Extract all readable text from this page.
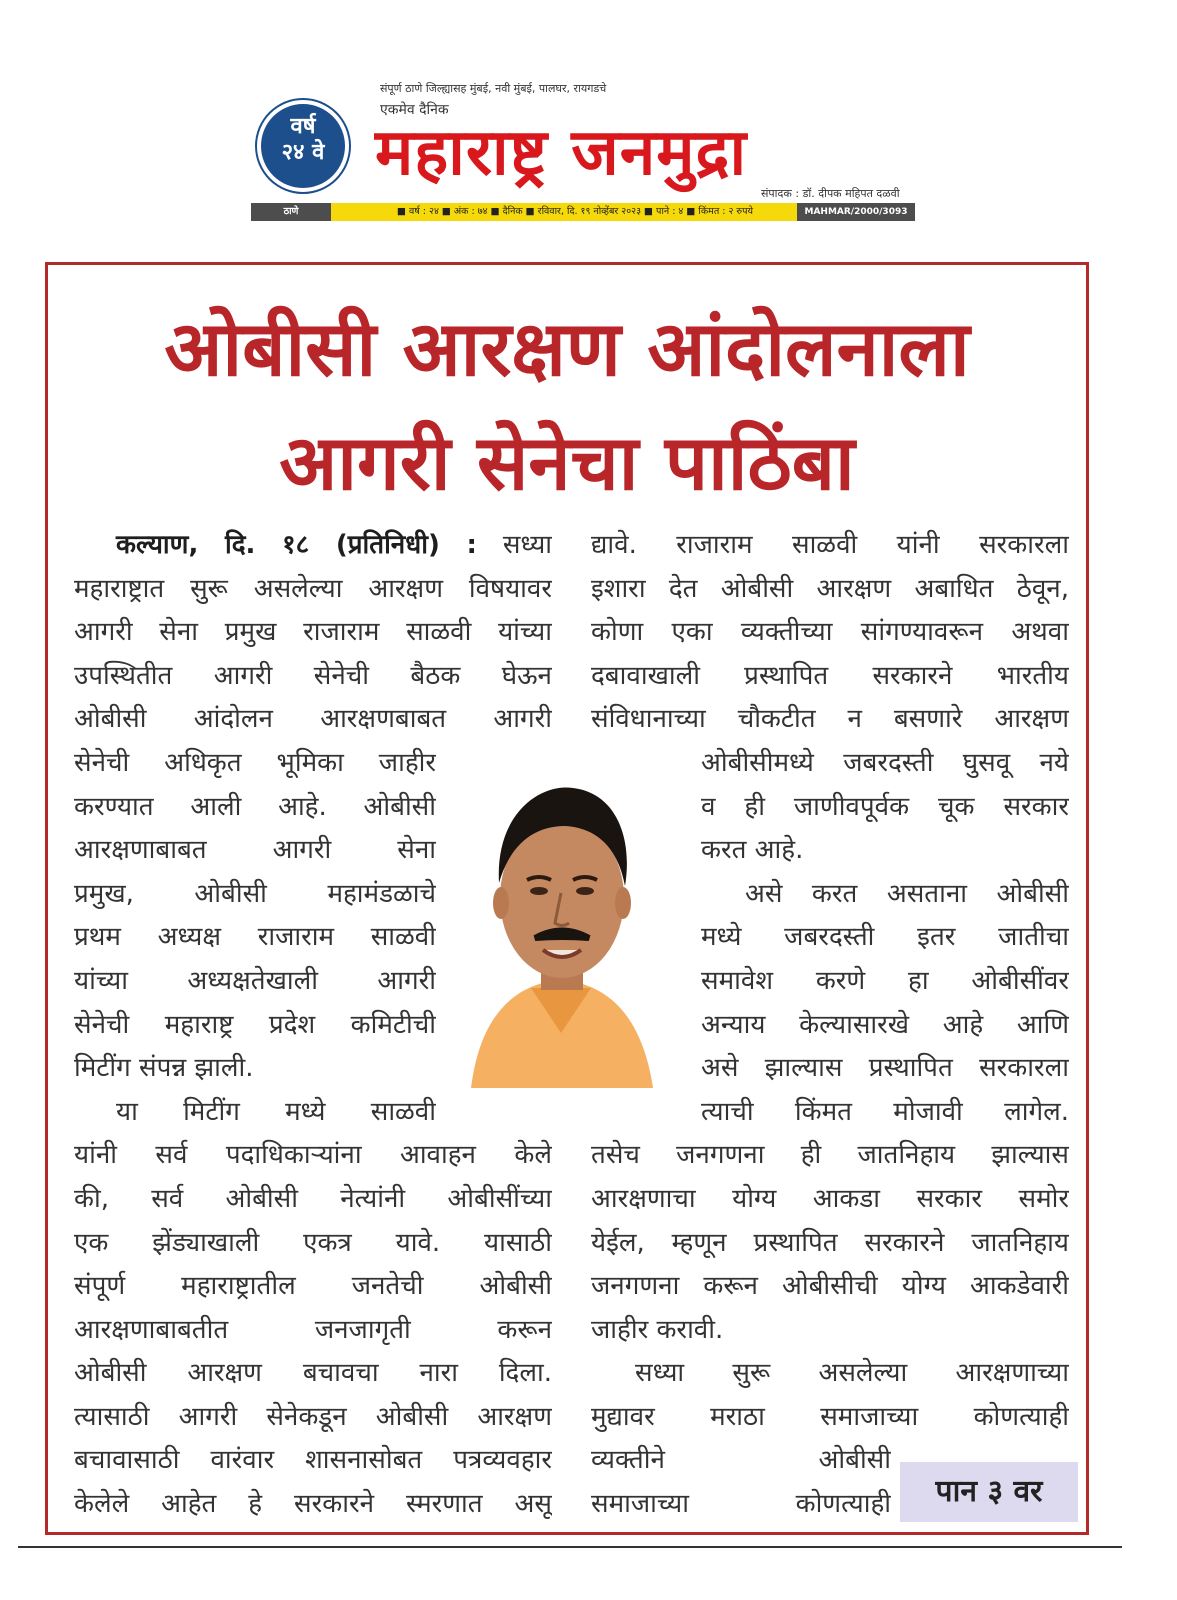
वर्ष
२४ वे
संपूर्ण ठाणे जिल्ह्यासह मुंबई, नवी मुंबई, पालघर, रायगडचे
एकमेव दैनिक
महाराष्ट्र जनमुद्रा
संपादक : डॉ. दीपक महिपत दळवी
ठाणे	■ वर्ष : २४ ■ अंक : ७४ ■ दैनिक ■ रविवार, दि. १९ नोव्हेंबर २०२३ ■ पाने : ४ ■ किंमत : २ रुपये	MAHMAR/2000/3093
ओबीसी आरक्षण आंदोलनाला
आगरी सेनेचा पाठिंबा
कल्याण, दि. १८ (प्रतिनिधी) : सध्या
महाराष्ट्रात सुरू असलेल्या आरक्षण विषयावर
आगरी सेना प्रमुख राजाराम साळवी यांच्या
उपस्थितीत आगरी सेनेची बैठक घेऊन
ओबीसी आंदोलन आरक्षणबाबत आगरी
सेनेची अधिकृत भूमिका जाहीर
करण्यात आली आहे. ओबीसी
आरक्षणाबाबत आगरी सेना
प्रमुख, ओबीसी महामंडळाचे
प्रथम अध्यक्ष राजाराम साळवी
यांच्या अध्यक्षतेखाली आगरी
सेनेची महाराष्ट्र प्रदेश कमिटीची
मिटींग संपन्न झाली.
या मिटींग मध्ये साळवी
यांनी सर्व पदाधिकाऱ्यांना आवाहन केले
की, सर्व ओबीसी नेत्यांनी ओबीसींच्या
एक झेंड्याखाली एकत्र यावे. यासाठी
संपूर्ण महाराष्ट्रातील जनतेची ओबीसी
आरक्षणाबाबतीत जनजागृती करून
ओबीसी आरक्षण बचावचा नारा दिला.
त्यासाठी आगरी सेनेकडून ओबीसी आरक्षण
बचावासाठी वारंवार शासनासोबत पत्रव्यवहार
केलेले आहेत हे सरकारने स्मरणात असू
द्यावे. राजाराम साळवी यांनी सरकारला
इशारा देत ओबीसी आरक्षण अबाधित ठेवून,
कोणा एका व्यक्तीच्या सांगण्यावरून अथवा
दबावाखाली प्रस्थापित सरकारने भारतीय
संविधानाच्या चौकटीत न बसणारे आरक्षण
ओबीसीमध्ये जबरदस्ती घुसवू नये
व ही जाणीवपूर्वक चूक सरकार
करत आहे.
असे करत असताना ओबीसी
मध्ये जबरदस्ती इतर जातीचा
समावेश करणे हा ओबीसींवर
अन्याय केल्यासारखे आहे आणि
असे झाल्यास प्रस्थापित सरकारला
त्याची किंमत मोजावी लागेल.
तसेच जनगणना ही जातनिहाय झाल्यास
आरक्षणाचा योग्य आकडा सरकार समोर
येईल, म्हणून प्रस्थापित सरकारने जातनिहाय
जनगणना करून ओबीसीची योग्य आकडेवारी
जाहीर करावी.
सध्या सुरू असलेल्या आरक्षणाच्या
मुद्यावर मराठा समाजाच्या कोणत्याही
व्यक्तीने ओबीसी
समाजाच्या कोणत्याही	पान ३ वर
